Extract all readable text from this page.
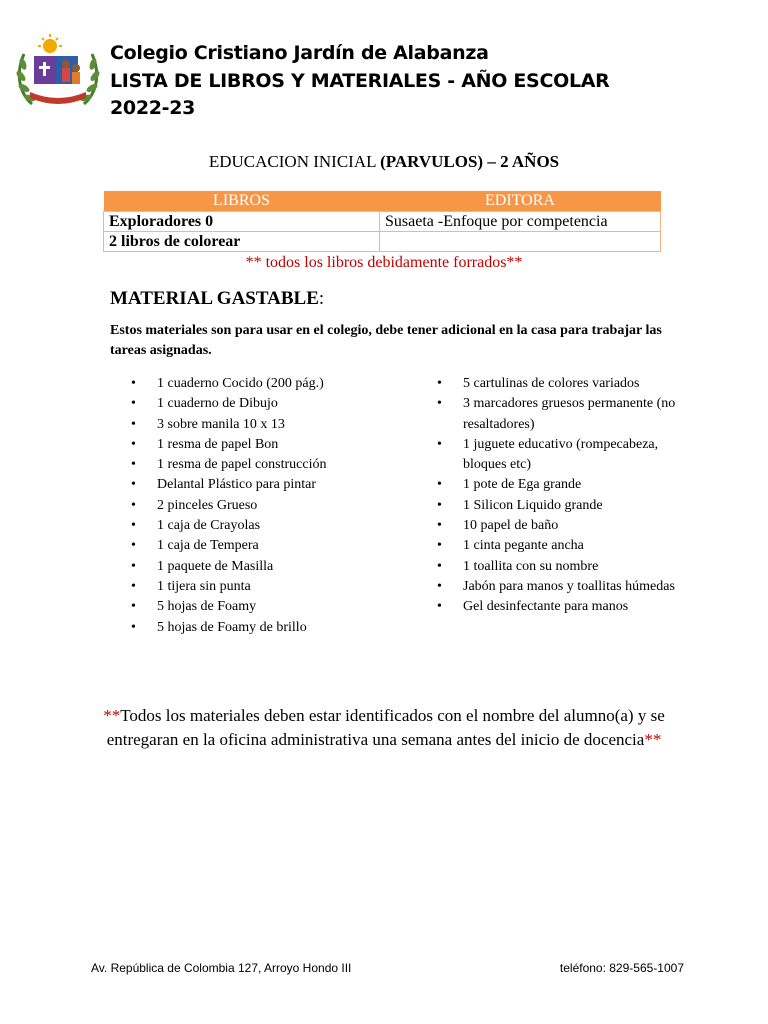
Colegio Cristiano Jardín de Alabanza
LISTA DE LIBROS Y MATERIALES - AÑO ESCOLAR
2022-23
EDUCACION INICIAL (PARVULOS) – 2 AÑOS
LIBROS	EDITORA
Exploradores 0	Susaeta -Enfoque por competencia
2 libros de colorear	
** todos los libros debidamente forrados**
MATERIAL GASTABLE:
Estos materiales son para usar en el colegio, debe tener adicional en la casa para trabajar las tareas asignadas.
• 1 cuaderno Cocido (200 pág.)
• 1 cuaderno de Dibujo
• 3 sobre manila 10 x 13
• 1 resma de papel Bon
• 1 resma de papel construcción
• Delantal Plástico para pintar
• 2 pinceles Grueso
• 1 caja de Crayolas
• 1 caja de Tempera
• 1 paquete de Masilla
• 1 tijera sin punta
• 5 hojas de Foamy
• 5 hojas de Foamy de brillo
• 5 cartulinas de colores variados
• 3 marcadores gruesos permanente (no resaltadores)
• 1 juguete educativo (rompecabeza, bloques etc)
• 1 pote de Ega grande
• 1 Silicon Liquido grande
• 10 papel de baño
• 1 cinta pegante ancha
• 1 toallita con su nombre
• Jabón para manos y toallitas húmedas
• Gel desinfectante para manos
**Todos los materiales deben estar identificados con el nombre del alumno(a) y se entregaran en la oficina administrativa una semana antes del inicio de docencia**
Av. República de Colombia 127, Arroyo Hondo III	teléfono: 829-565-1007
